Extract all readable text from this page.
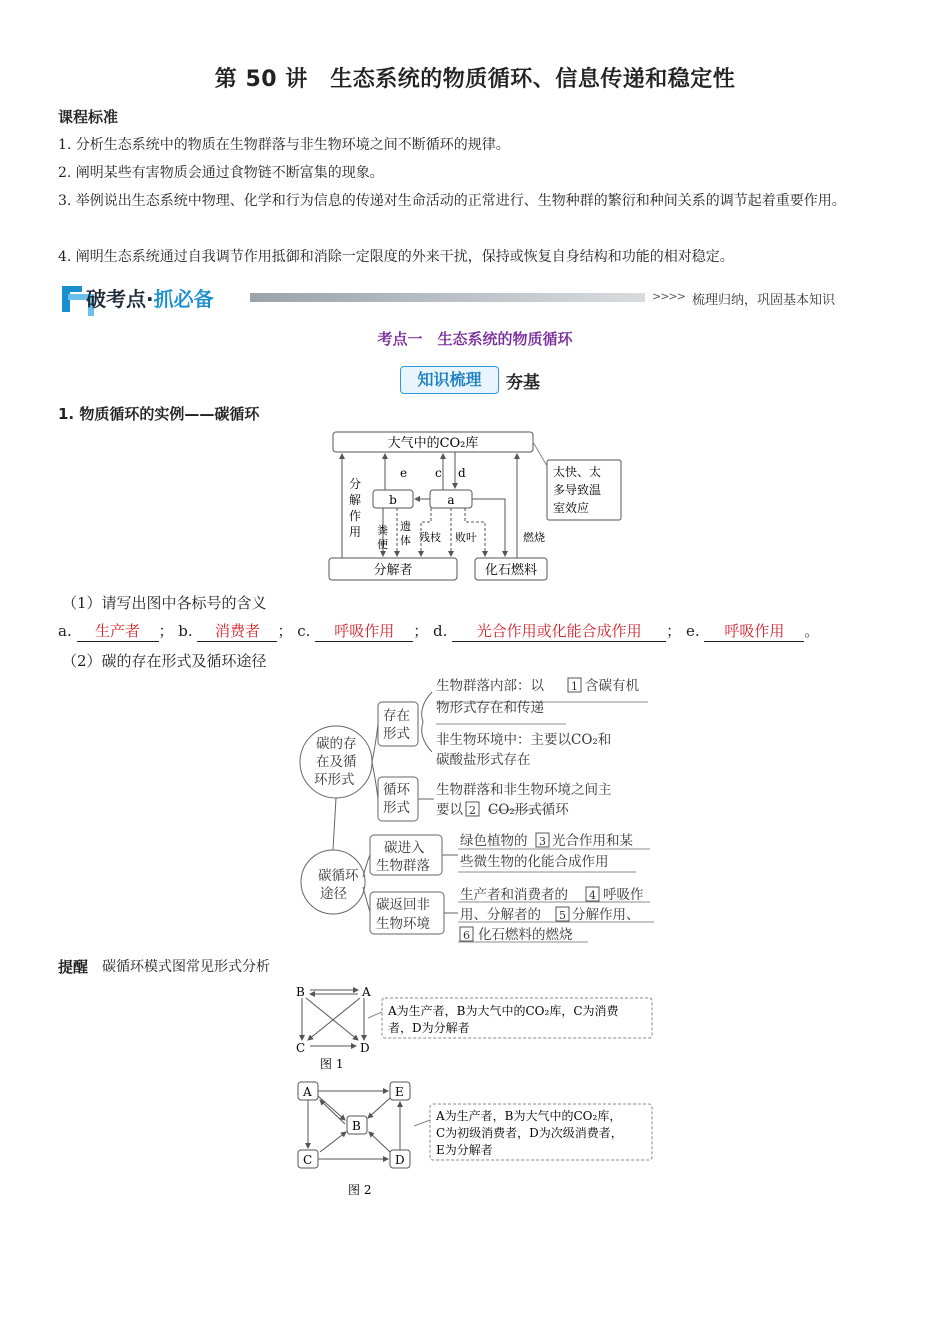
第 50 讲　生态系统的物质循环、信息传递和稳定性
课程标准
1. 分析生态系统中的物质在生物群落与非生物环境之间不断循环的规律。
2. 阐明某些有害物质会通过食物链不断富集的现象。
3. 举例说出生态系统中物理、化学和行为信息的传递对生命活动的正常进行、生物种群的繁衍和种间关系的调节起着重要作用。
4. 阐明生态系统通过自我调节作用抵御和消除一定限度的外来干扰，保持或恢复自身结构和功能的相对稳定。
破考点·抓必备	>>>> 梳理归纳，巩固基本知识
考点一　生态系统的物质循环
知识梳理	夯基
1. 物质循环的实例——碳循环
大气中的CO₂库
b	a
e c d
分
解
作
用 粪
便
遗
体 残枝 败叶	燃烧
分解者	化石燃料
太快、太
多导致温
室效应
（1）请写出图中各标号的含义
a. 生产者 ； b. 消费者 ； c. 呼吸作用 ； d. 光合作用或化能合成作用 ； e. 呼吸作用 。
（2）碳的存在形式及循环途径
碳的存
在及循
环形式
存在
形式
循环
形式
生物群落内部：以 1 含碳有机
物形式存在和传递
非生物环境中：主要以CO₂和
碳酸盐形式存在
生物群落和非生物环境之间主
要以 2 CO₂形式循环
碳循环
途径
碳进入
生物群落
碳返回非
生物环境
绿色植物的 3 光合作用和某
些微生物的化能合成作用
生产者和消费者的 4 呼吸作
用、分解者的 5 分解作用、
6 化石燃料的燃烧
提醒 碳循环模式图常见形式分析
B	A
C	D
图 1
A为生产者，B为大气中的CO₂库，C为消费
者，D为分解者
A	E
B
C	D
图 2
A为生产者，B为大气中的CO₂库，
C为初级消费者，D为次级消费者，
E为分解者
